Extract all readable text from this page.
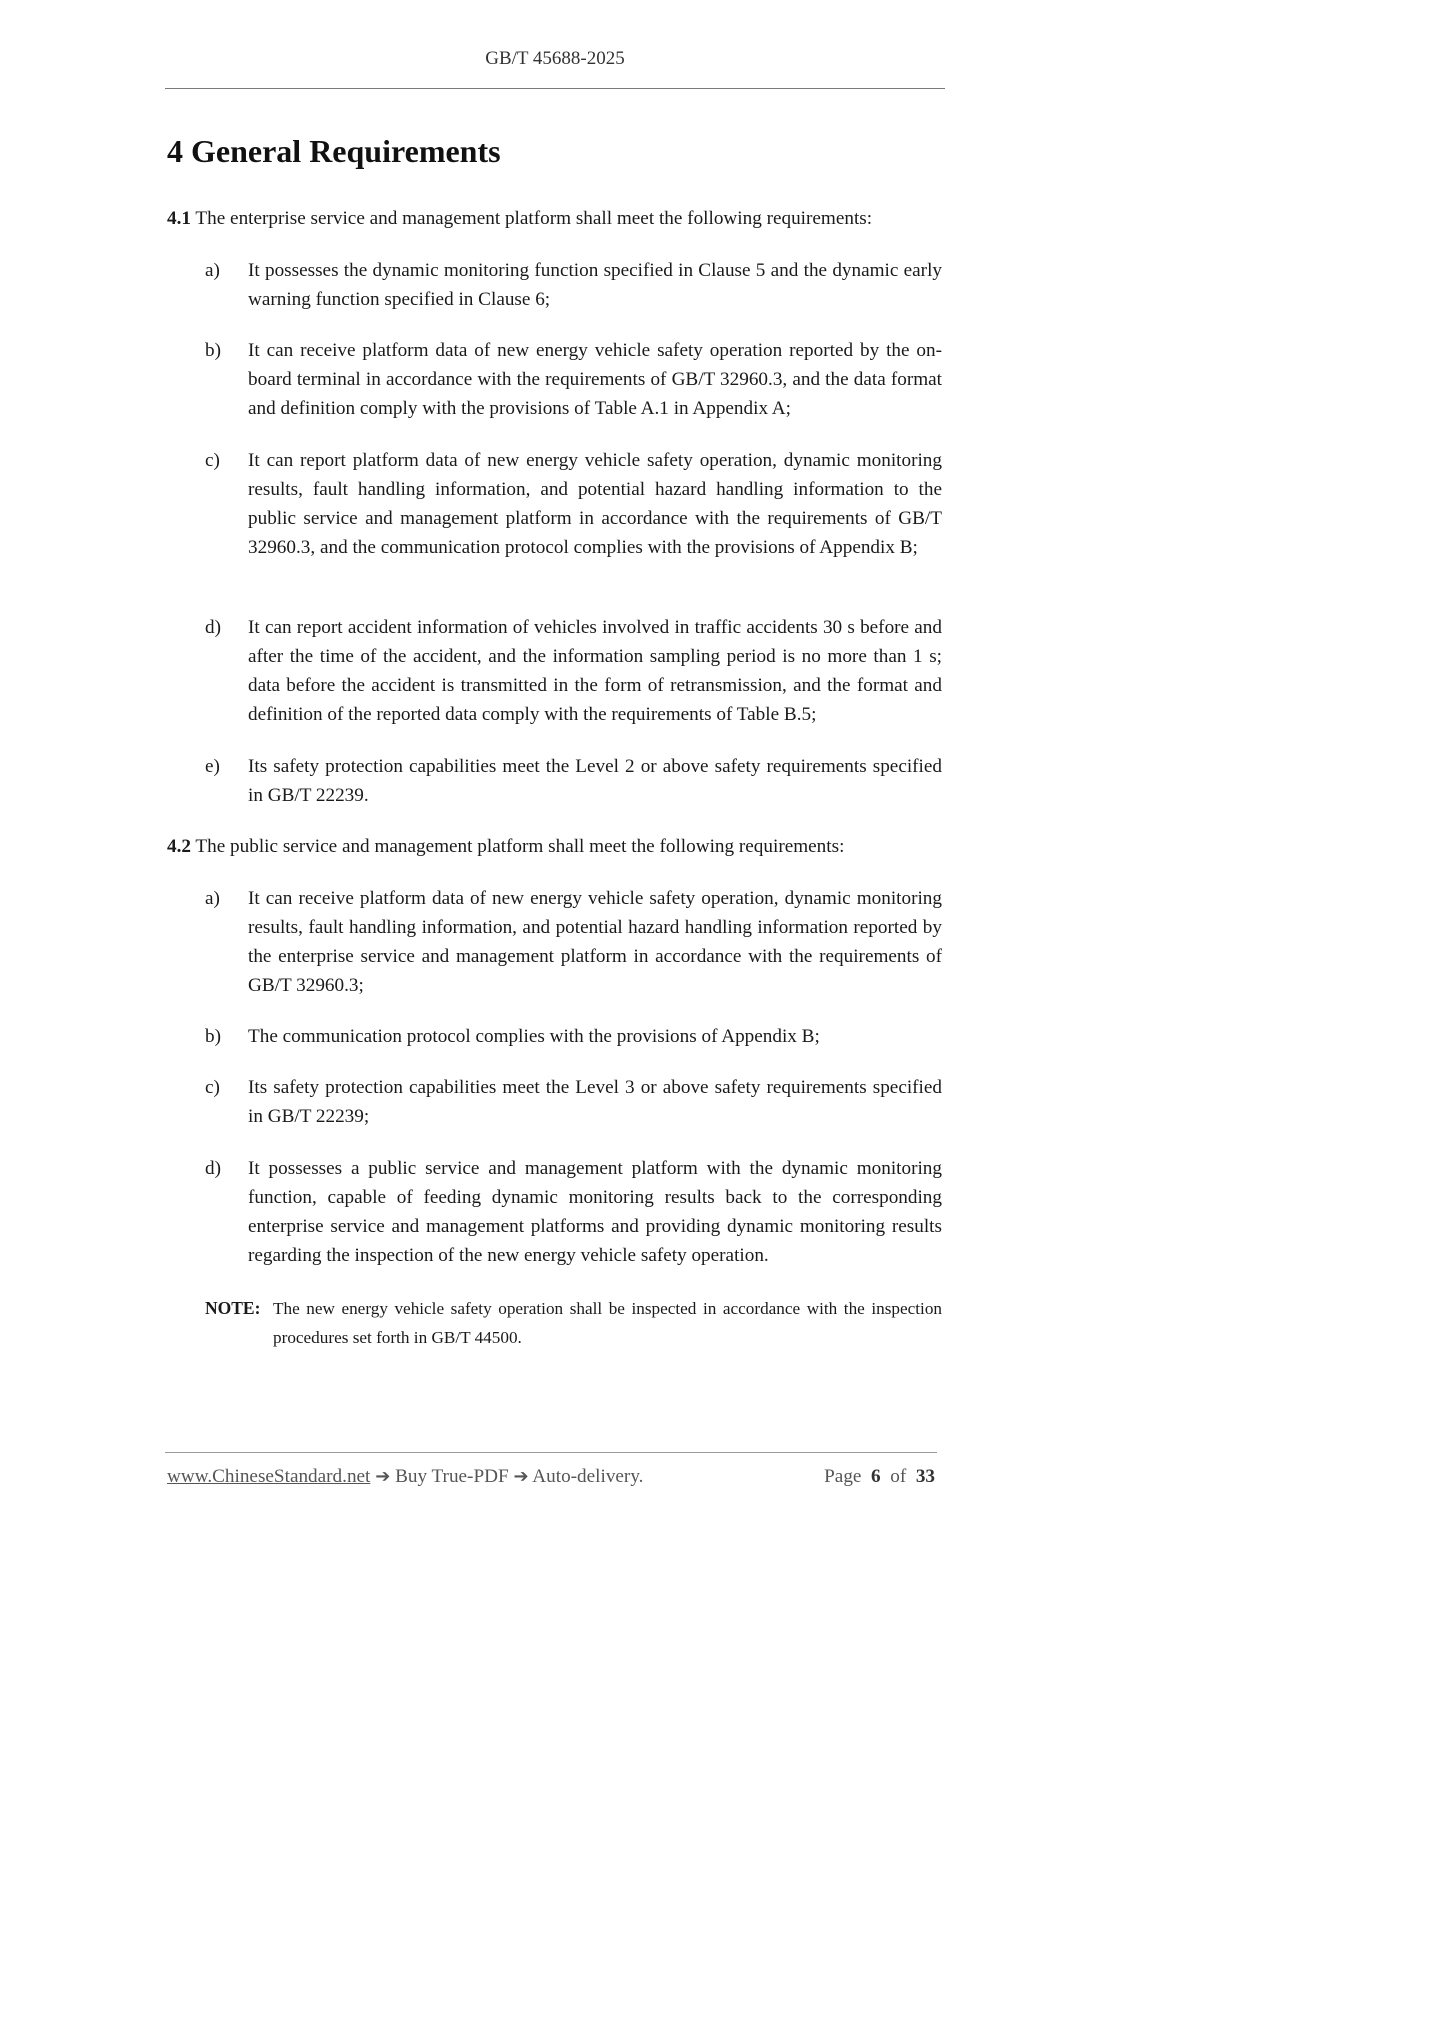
GB/T 45688-2025
4 General Requirements

4.1 The enterprise service and management platform shall meet the following requirements:

a) It possesses the dynamic monitoring function specified in Clause 5 and the dynamic early warning function specified in Clause 6;
b) It can receive platform data of new energy vehicle safety operation reported by the on-board terminal in accordance with the requirements of GB/T 32960.3, and the data format and definition comply with the provisions of Table A.1 in Appendix A;
c) It can report platform data of new energy vehicle safety operation, dynamic monitoring results, fault handling information, and potential hazard handling information to the public service and management platform in accordance with the requirements of GB/T 32960.3, and the communication protocol complies with the provisions of Appendix B;
d) It can report accident information of vehicles involved in traffic accidents 30 s before and after the time of the accident, and the information sampling period is no more than 1 s; data before the accident is transmitted in the form of retransmission, and the format and definition of the reported data comply with the requirements of Table B.5;
e) Its safety protection capabilities meet the Level 2 or above safety requirements specified in GB/T 22239.

4.2 The public service and management platform shall meet the following requirements:

a) It can receive platform data of new energy vehicle safety operation, dynamic monitoring results, fault handling information, and potential hazard handling information reported by the enterprise service and management platform in accordance with the requirements of GB/T 32960.3;
b) The communication protocol complies with the provisions of Appendix B;
c) Its safety protection capabilities meet the Level 3 or above safety requirements specified in GB/T 22239;
d) It possesses a public service and management platform with the dynamic monitoring function, capable of feeding dynamic monitoring results back to the corresponding enterprise service and management platforms and providing dynamic monitoring results regarding the inspection of the new energy vehicle safety operation.
NOTE: The new energy vehicle safety operation shall be inspected in accordance with the inspection procedures set forth in GB/T 44500.
www.ChineseStandard.net ➔ Buy True-PDF ➔ Auto-delivery.	Page 6 of 33
